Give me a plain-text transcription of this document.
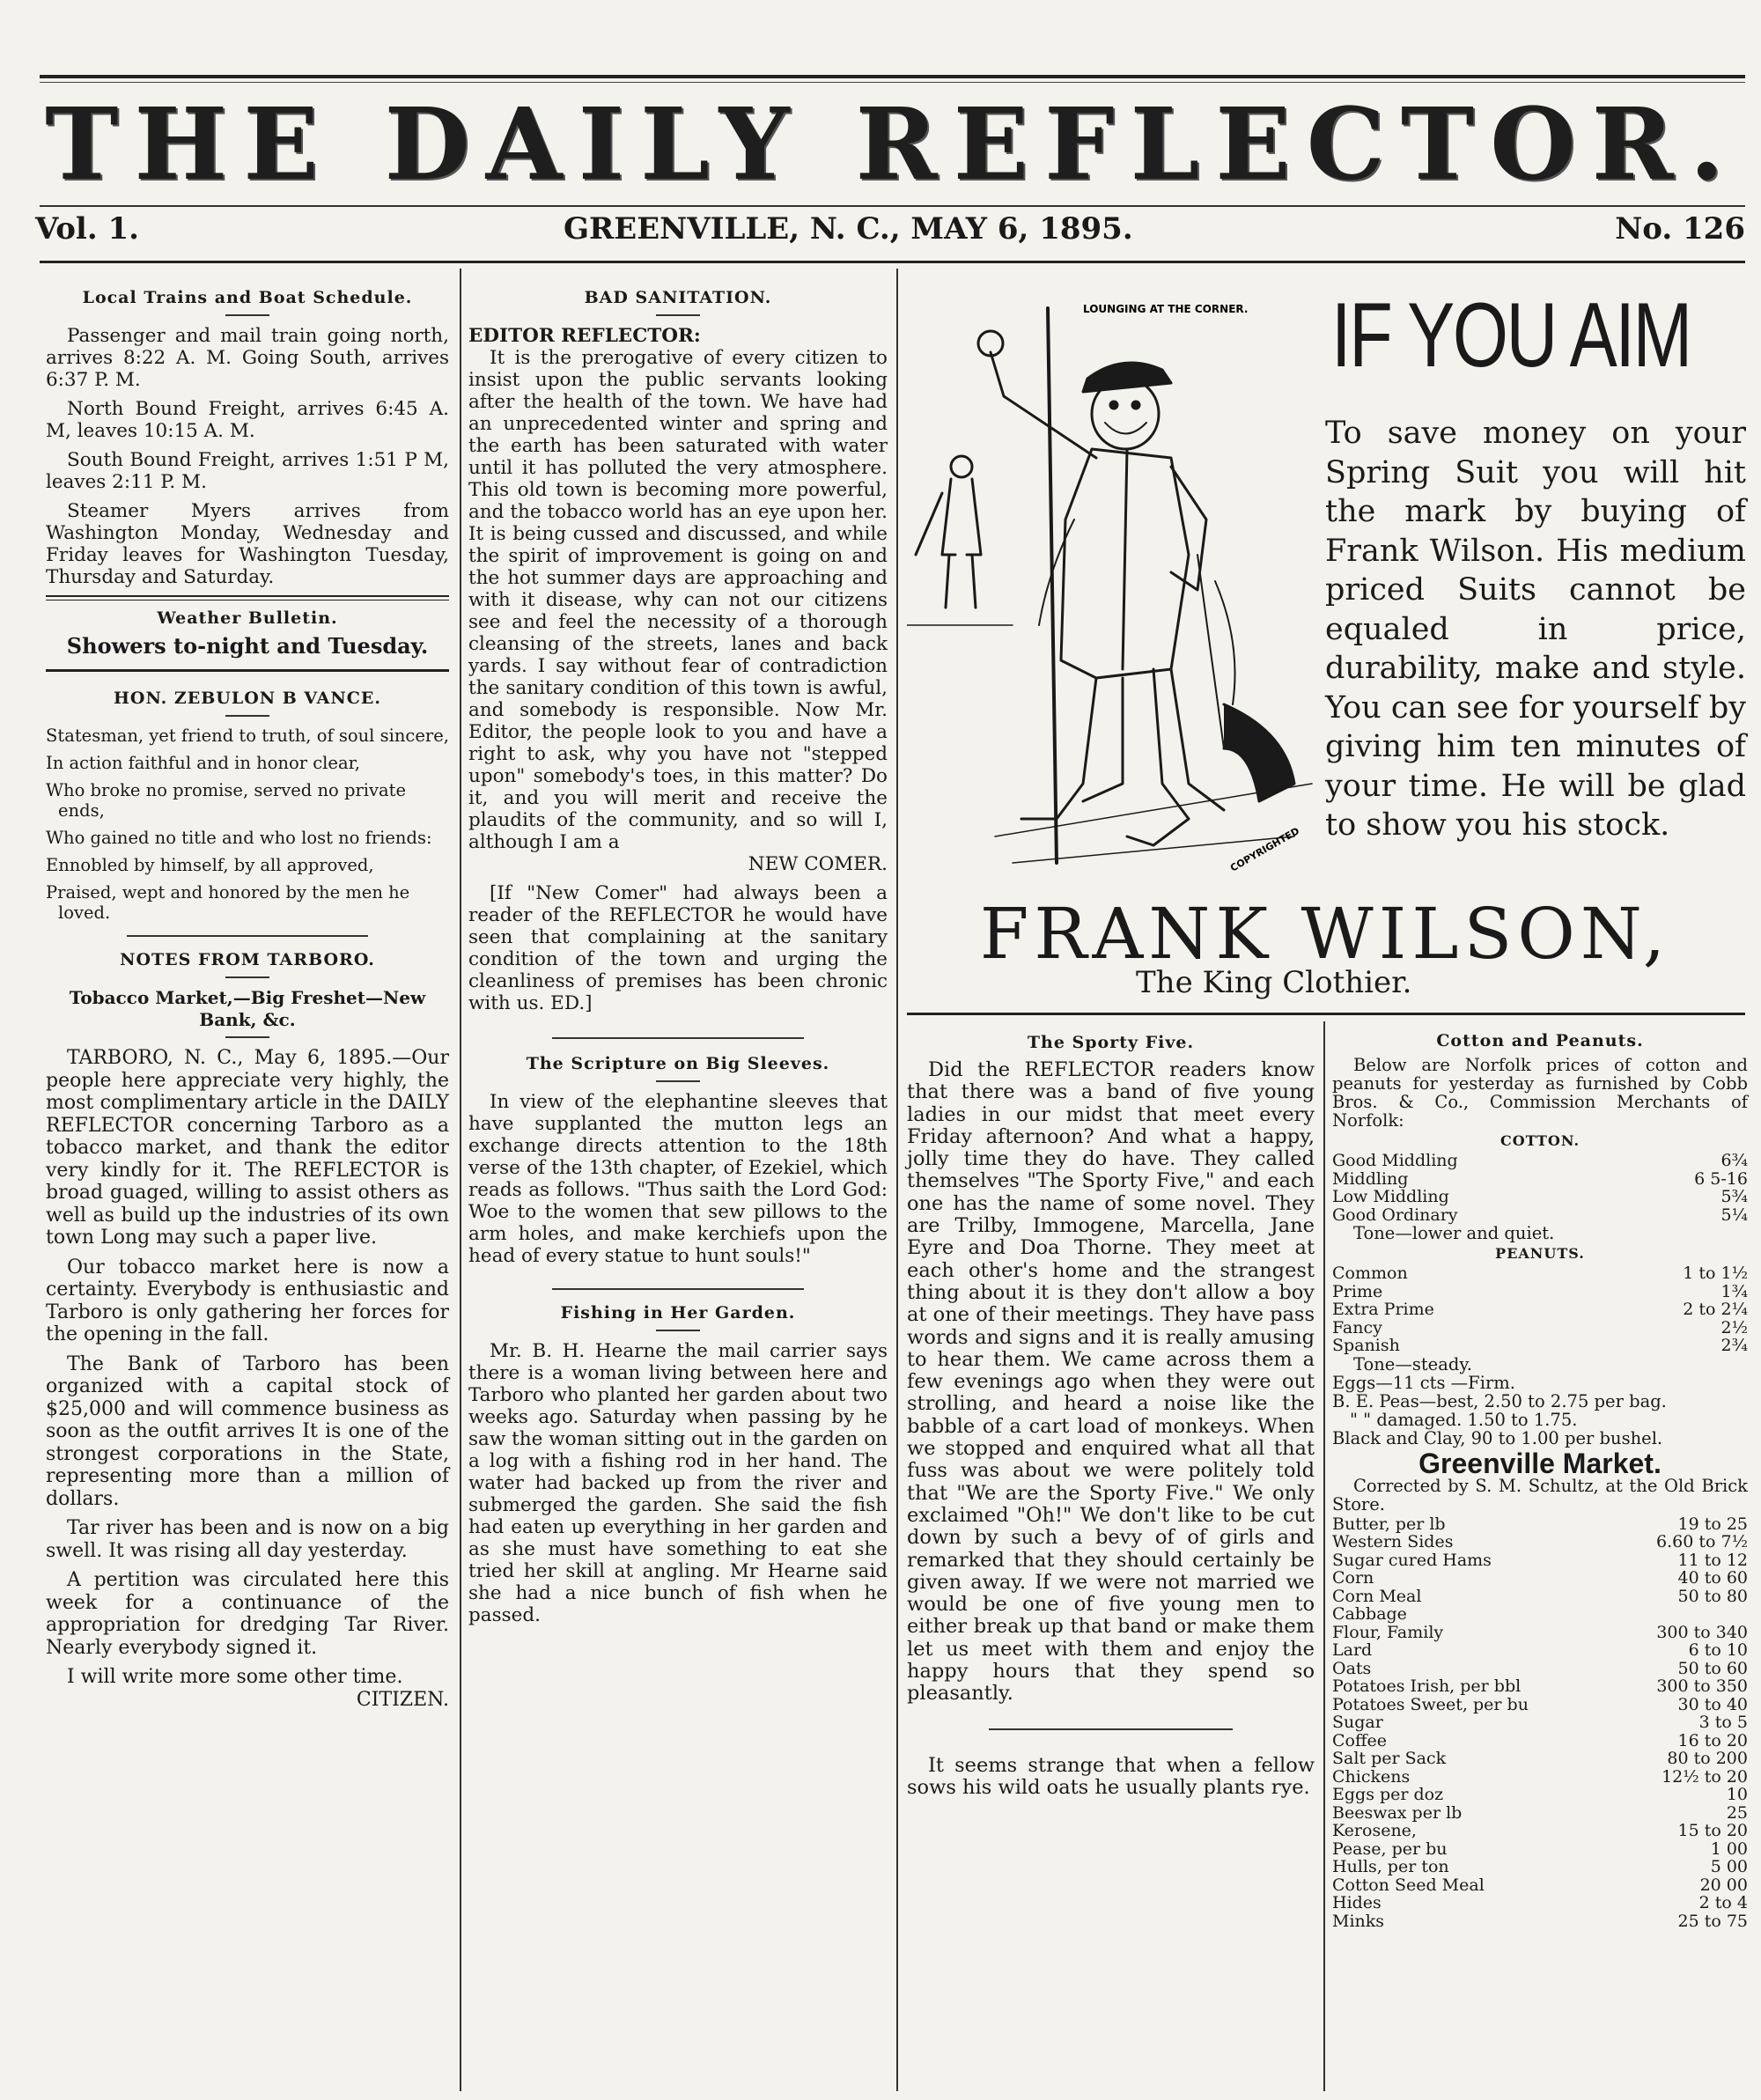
THE DAILY REFLECTOR.
Vol. 1.	GREENVILLE, N. C., MAY 6, 1895.	No. 126
Local Trains and Boat Schedule.

Passenger and mail train going north, arrives 8:22 A. M. Going South, arrives 6:37 P. M.

North Bound Freight, arrives 6:45 A. M, leaves 10:15 A. M.

South Bound Freight, arrives 1:51 P M, leaves 2:11 P. M.

Steamer Myers arrives from Washington Monday, Wednesday and Friday leaves for Washington Tuesday, Thursday and Saturday.

Weather Bulletin.

Showers to-night and Tuesday.

HON. ZEBULON B VANCE.

Statesman, yet friend to truth, of soul sincere,

In action faithful and in honor clear,

Who broke no promise, served no private ends,

Who gained no title and who lost no friends:

Ennobled by himself, by all approved,

Praised, wept and honored by the men he loved.

NOTES FROM TARBORO.
Tobacco Market,—Big Freshet—New Bank, &c.

TARBORO, N. C., May 6, 1895.—Our people here appreciate very highly, the most complimentary article in the DAILY REFLECTOR concerning Tarboro as a tobacco market, and thank the editor very kindly for it. The REFLECTOR is broad guaged, willing to assist others as well as build up the industries of its own town Long may such a paper live.

Our tobacco market here is now a certainty. Everybody is enthusiastic and Tarboro is only gathering her forces for the opening in the fall.

The Bank of Tarboro has been organized with a capital stock of $25,000 and will commence business as soon as the outfit arrives It is one of the strongest corporations in the State, representing more than a million of dollars.

Tar river has been and is now on a big swell. It was rising all day yesterday.

A pertition was circulated here this week for a continuance of the appropriation for dredging Tar River. Nearly everybody signed it.

I will write more some other time.

CITIZEN.

BAD SANITATION.

EDITOR REFLECTOR:

It is the prerogative of every citizen to insist upon the public servants looking after the health of the town. We have had an unprecedented winter and spring and the earth has been saturated with water until it has polluted the very atmosphere. This old town is becoming more powerful, and the tobacco world has an eye upon her. It is being cussed and discussed, and while the spirit of improvement is going on and the hot summer days are approaching and with it disease, why can not our citizens see and feel the necessity of a thorough cleansing of the streets, lanes and back yards. I say without fear of contradiction the sanitary condition of this town is awful, and somebody is responsible. Now Mr. Editor, the people look to you and have a right to ask, why you have not "stepped upon" somebody's toes, in this matter? Do it, and you will merit and receive the plaudits of the community, and so will I, although I am a

NEW COMER.

[If "New Comer" had always been a reader of the REFLECTOR he would have seen that complaining at the sanitary condition of the town and urging the cleanliness of premises has been chronic with us. ED.]

The Scripture on Big Sleeves.

In view of the elephantine sleeves that have supplanted the mutton legs an exchange directs attention to the 18th verse of the 13th chapter, of Ezekiel, which reads as follows. "Thus saith the Lord God: Woe to the women that sew pillows to the arm holes, and make kerchiefs upon the head of every statue to hunt souls!"

Fishing in Her Garden.

Mr. B. H. Hearne the mail carrier says there is a woman living between here and Tarboro who planted her garden about two weeks ago. Saturday when passing by he saw the woman sitting out in the garden on a log with a fishing rod in her hand. The water had backed up from the river and submerged the garden. She said the fish had eaten up everything in her garden and as she must have something to eat she tried her skill at angling. Mr Hearne said she had a nice bunch of fish when he passed.

LOUNGING AT THE CORNER.
COPYRIGHTED
IF YOU AIM
To save money on your Spring Suit you will hit the mark by buying of Frank Wilson. His medium priced Suits cannot be equaled in price, durability, make and style. You can see for yourself by giving him ten minutes of your time. He will be glad to show you his stock.
FRANK WILSON,
The King Clothier.
The Sporty Five.

Did the REFLECTOR readers know that there was a band of five young ladies in our midst that meet every Friday afternoon? And what a happy, jolly time they do have. They called themselves "The Sporty Five," and each one has the name of some novel. They are Trilby, Immogene, Marcella, Jane Eyre and Doa Thorne. They meet at each other's home and the strangest thing about it is they don't allow a boy at one of their meetings. They have pass words and signs and it is really amusing to hear them. We came across them a few evenings ago when they were out strolling, and heard a noise like the babble of a cart load of monkeys. When we stopped and enquired what all that fuss was about we were politely told that "We are the Sporty Five." We only exclaimed "Oh!" We don't like to be cut down by such a bevy of of girls and remarked that they should certainly be given away. If we were not married we would be one of five young men to either break up that band or make them let us meet with them and enjoy the happy hours that they spend so pleasantly.

It seems strange that when a fellow sows his wild oats he usually plants rye.

Cotton and Peanuts.

Below are Norfolk prices of cotton and peanuts for yesterday as furnished by Cobb Bros. & Co., Commission Merchants of Norfolk:

COTTON.
Good Middling	6¾
Middling	6 5-16
Low Middling	5¾
Good Ordinary	5¼

Tone—lower and quiet.

PEANUTS.
Common	1 to 1½
Prime	1¾
Extra Prime	2 to 2¼
Fancy	2½
Spanish	2¾

Tone—steady.

Eggs—11 cts —Firm.

B. E. Peas—best, 2.50 to 2.75 per bag.

" " damaged. 1.50 to 1.75.

Black and Clay, 90 to 1.00 per bushel.

Greenville Market.

Corrected by S. M. Schultz, at the Old Brick Store.

Butter, per lb	19 to 25
Western Sides	6.60 to 7½
Sugar cured Hams	11 to 12
Corn	40 to 60
Corn Meal	50 to 80
Cabbage	
Flour, Family	300 to 340
Lard	6 to 10
Oats	50 to 60
Potatoes Irish, per bbl	300 to 350
Potatoes Sweet, per bu	30 to 40
Sugar	3 to 5
Coffee	16 to 20
Salt per Sack	80 to 200
Chickens	12½ to 20
Eggs per doz	10
Beeswax per lb	25
Kerosene,	15 to 20
Pease, per bu	1 00
Hulls, per ton	5 00
Cotton Seed Meal	20 00
Hides	2 to 4
Minks	25 to 75
